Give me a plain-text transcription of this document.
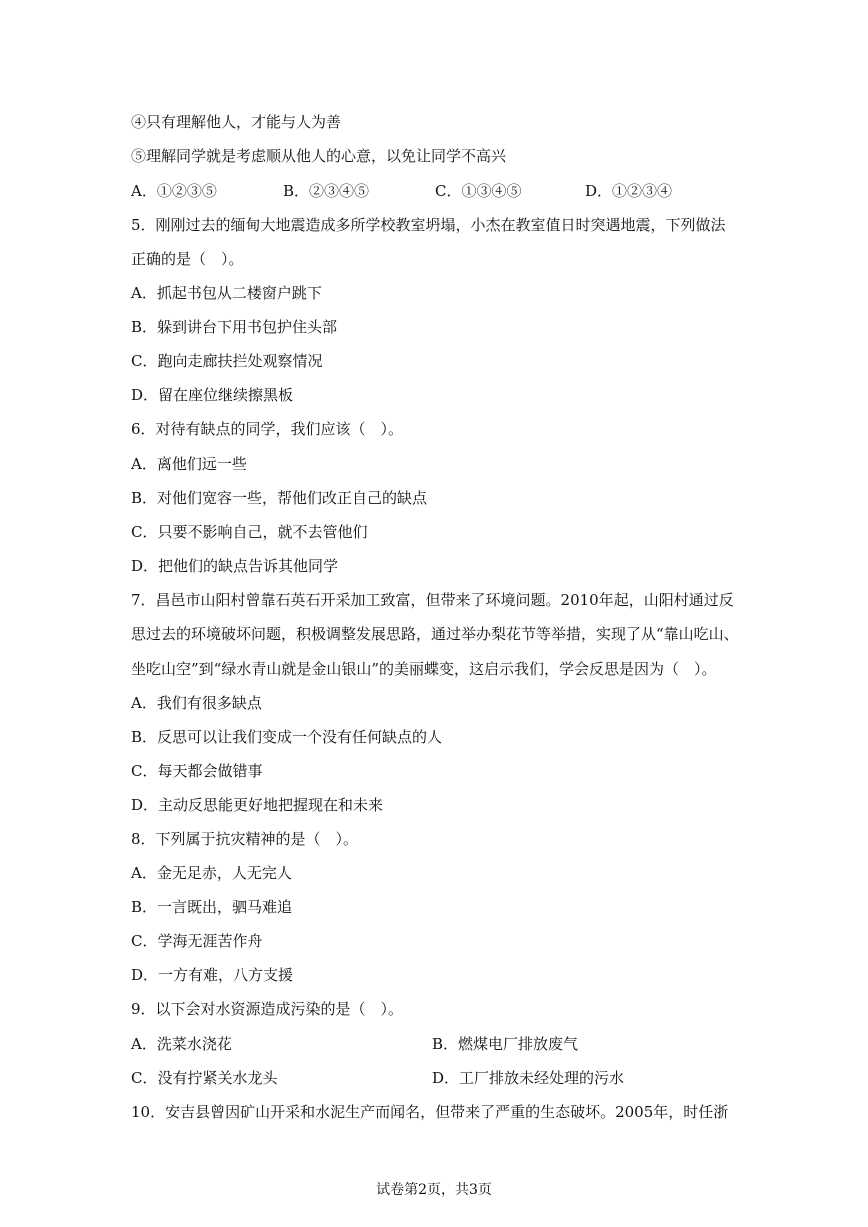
④只有理解他人，才能与人为善
⑤理解同学就是考虑顺从他人的心意，以免让同学不高兴
A．①②③⑤	B．②③④⑤	C．①③④⑤	D．①②③④
5．刚刚过去的缅甸大地震造成多所学校教室坍塌，小杰在教室值日时突遇地震，下列做法
正确的是（　）。
A．抓起书包从二楼窗户跳下
B．躲到讲台下用书包护住头部
C．跑向走廊扶拦处观察情况
D．留在座位继续擦黑板
6．对待有缺点的同学，我们应该（　）。
A．离他们远一些
B．对他们宽容一些，帮他们改正自己的缺点
C．只要不影响自己，就不去管他们
D．把他们的缺点告诉其他同学
7．昌邑市山阳村曾靠石英石开采加工致富，但带来了环境问题。2010年起，山阳村通过反
思过去的环境破坏问题，积极调整发展思路，通过举办梨花节等举措，实现了从“靠山吃山、
坐吃山空”到“绿水青山就是金山银山”的美丽蝶变，这启示我们，学会反思是因为（　）。
A．我们有很多缺点
B．反思可以让我们变成一个没有任何缺点的人
C．每天都会做错事
D．主动反思能更好地把握现在和未来
8．下列属于抗灾精神的是（　）。
A．金无足赤，人无完人
B．一言既出，驷马难追
C．学海无涯苦作舟
D．一方有难，八方支援
9．以下会对水资源造成污染的是（　）。
A．洗菜水浇花	B．燃煤电厂排放废气
C．没有拧紧关水龙头	D．工厂排放未经处理的污水
10．安吉县曾因矿山开采和水泥生产而闻名，但带来了严重的生态破坏。2005年，时任浙
试卷第2页，共3页
